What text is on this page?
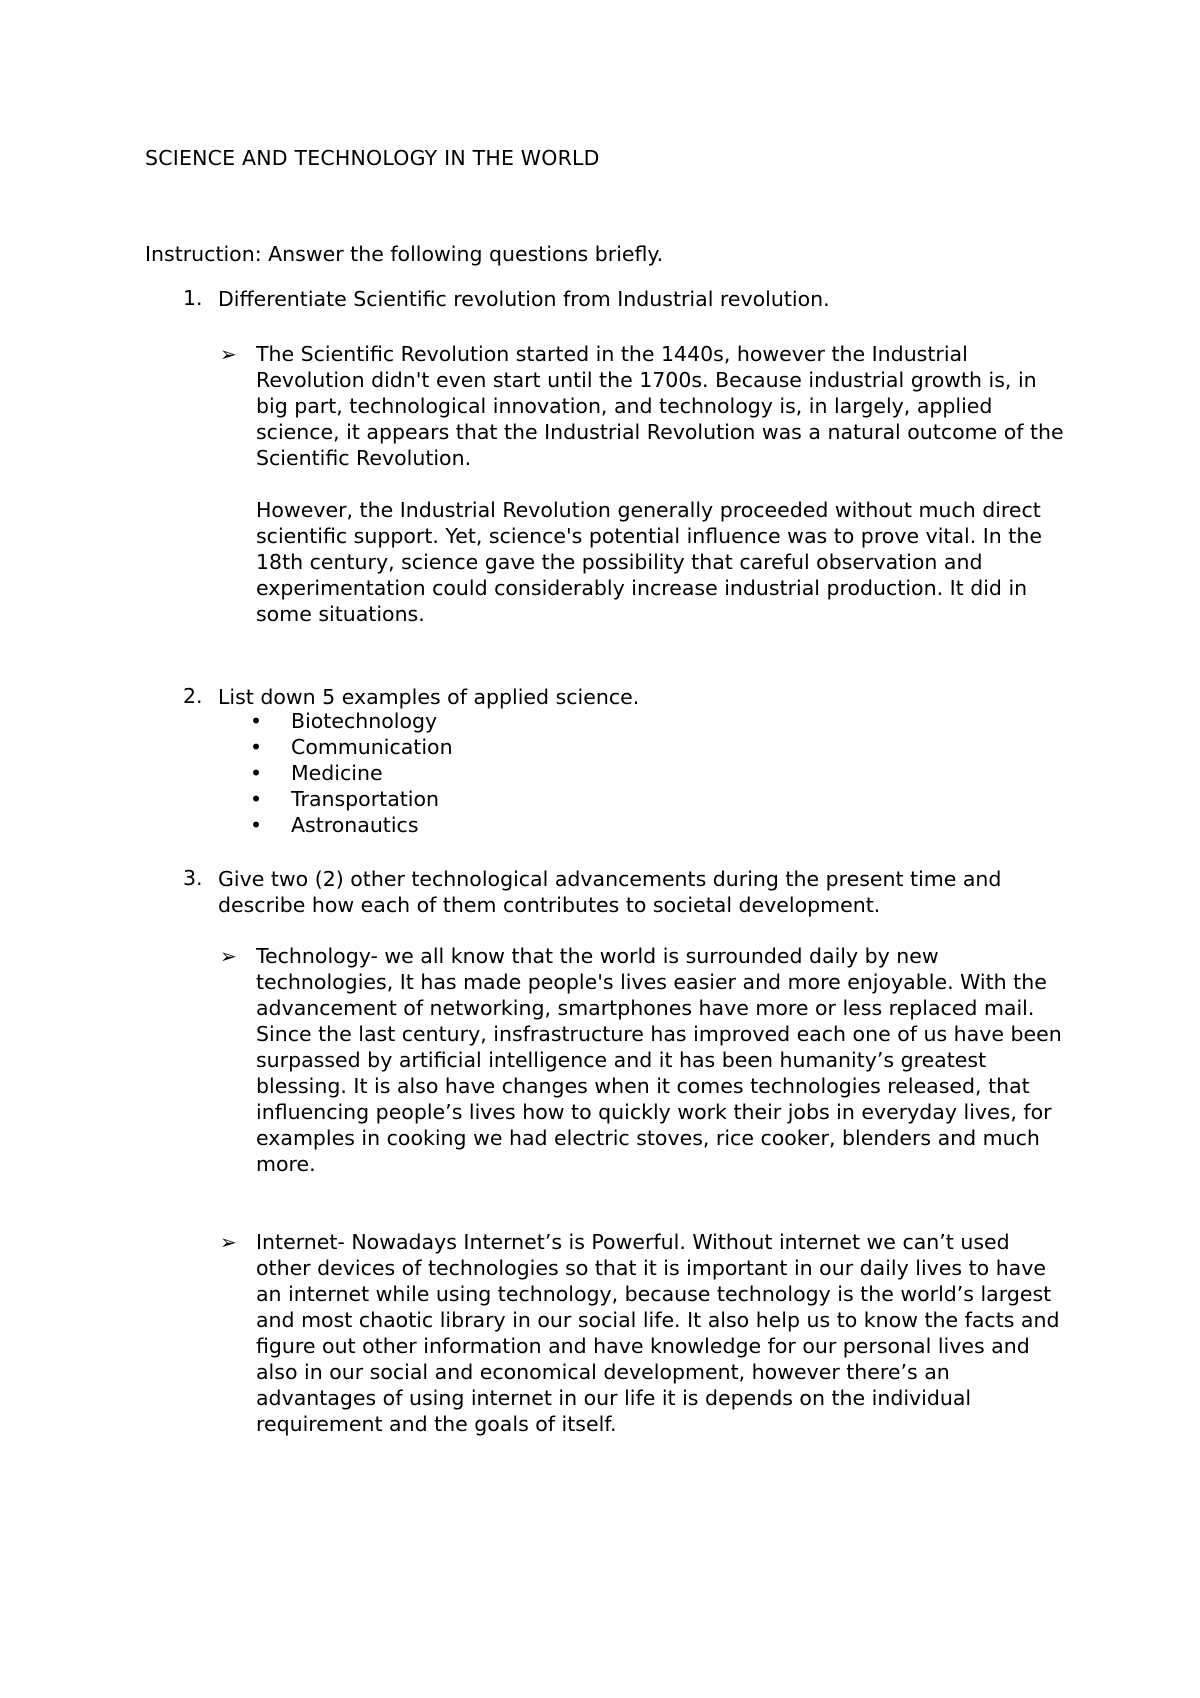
SCIENCE AND TECHNOLOGY IN THE WORLD

Instruction: Answer the following questions briefly.

1. Differentiate Scientific revolution from Industrial revolution.
➢ The Scientific Revolution started in the 1440s, however the Industrial Revolution didn't even start until the 1700s. Because industrial growth is, in big part, technological innovation, and technology is, in largely, applied science, it appears that the Industrial Revolution was a natural outcome of the Scientific Revolution.

However, the Industrial Revolution generally proceeded without much direct scientific support. Yet, science's potential influence was to prove vital. In the 18th century, science gave the possibility that careful observation and experimentation could considerably increase industrial production. It did in some situations.

2. List down 5 examples of applied science.
• Biotechnology
• Communication
• Medicine
• Transportation
• Astronautics
3. Give two (2) other technological advancements during the present time and describe how each of them contributes to societal development.
➢ Technology- we all know that the world is surrounded daily by new technologies, It has made people's lives easier and more enjoyable. With the advancement of networking, smartphones have more or less replaced mail. Since the last century, insfrastructure has improved each one of us have been surpassed by artificial intelligence and it has been humanity’s greatest blessing. It is also have changes when it comes technologies released, that influencing people’s lives how to quickly work their jobs in everyday lives, for examples in cooking we had electric stoves, rice cooker, blenders and much more.

➢ Internet- Nowadays Internet’s is Powerful. Without internet we can’t used other devices of technologies so that it is important in our daily lives to have an internet while using technology, because technology is the world’s largest and most chaotic library in our social life. It also help us to know the facts and figure out other information and have knowledge for our personal lives and also in our social and economical development, however there’s an advantages of using internet in our life it is depends on the individual requirement and the goals of itself.
